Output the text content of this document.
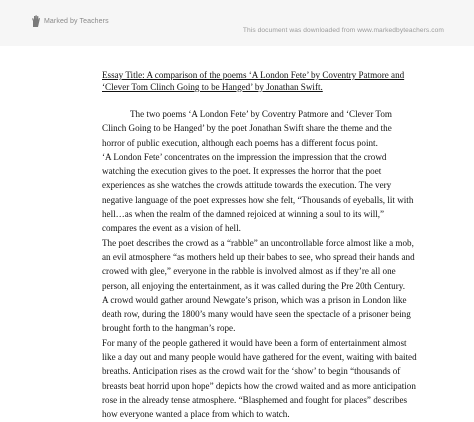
Marked by Teachers
This document was downloaded from www.markedbyteachers.com
Essay Title: A comparison of the poems ‘A London Fete’ by Coventry Patmore and
‘Clever Tom Clinch Going to be Hanged’ by Jonathan Swift.
The two poems ‘A London Fete’ by Coventry Patmore and ‘Clever Tom
Clinch Going to be Hanged’ by the poet Jonathan Swift share the theme and the
horror of public execution, although each poems has a different focus point.
‘A London Fete’ concentrates on the impression the impression that the crowd
watching the execution gives to the poet. It expresses the horror that the poet
experiences as she watches the crowds attitude towards the execution. The very
negative language of the poet expresses how she felt, “Thousands of eyeballs, lit with
hell…as when the realm of the damned rejoiced at winning a soul to its will,”
compares the event as a vision of hell.
The poet describes the crowd as a “rabble” an uncontrollable force almost like a mob,
an evil atmosphere “as mothers held up their babes to see, who spread their hands and
crowed with glee,” everyone in the rabble is involved almost as if they’re all one
person, all enjoying the entertainment, as it was called during the Pre 20th Century.
A crowd would gather around Newgate’s prison, which was a prison in London like
death row, during the 1800’s many would have seen the spectacle of a prisoner being
brought forth to the hangman’s rope.
For many of the people gathered it would have been a form of entertainment almost
like a day out and many people would have gathered for the event, waiting with baited
breaths. Anticipation rises as the crowd wait for the ‘show’ to begin “thousands of
breasts beat horrid upon hope” depicts how the crowd waited and as more anticipation
rose in the already tense atmosphere. “Blasphemed and fought for places” describes
how everyone wanted a place from which to watch.
